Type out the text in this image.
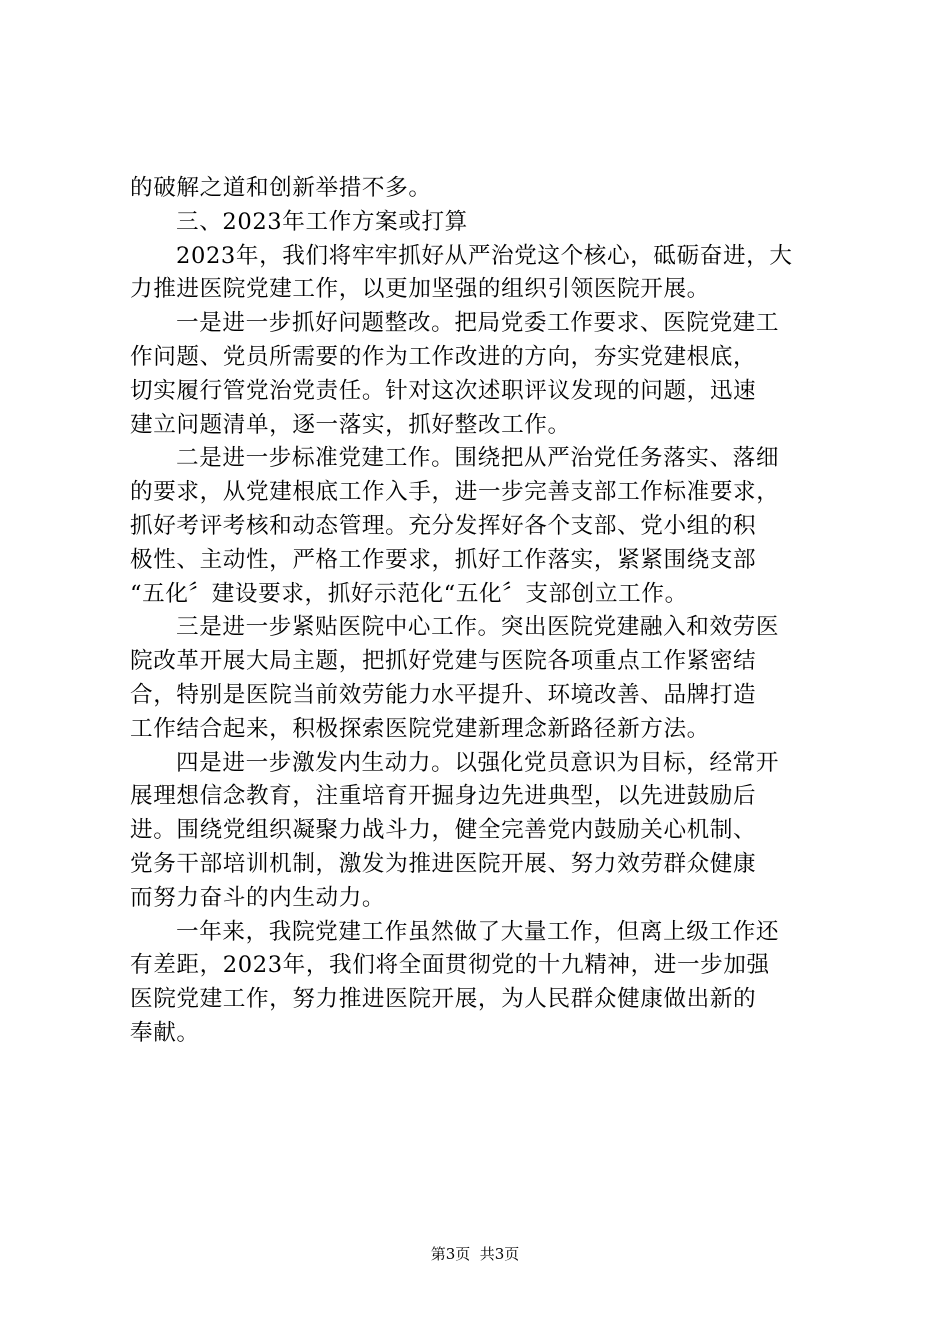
的破解之道和创新举措不多。
三、2023年工作方案或打算
2023年，我们将牢牢抓好从严治党这个核心，砥砺奋进，大
力推进医院党建工作，以更加坚强的组织引领医院开展。
一是进一步抓好问题整改。把局党委工作要求、医院党建工
作问题、党员所需要的作为工作改进的方向，夯实党建根底，
切实履行管党治党责任。针对这次述职评议发现的问题，迅速
建立问题清单，逐一落实，抓好整改工作。
二是进一步标准党建工作。围绕把从严治党任务落实、落细
的要求，从党建根底工作入手，进一步完善支部工作标准要求，
抓好考评考核和动态管理。充分发挥好各个支部、党小组的积
极性、主动性，严格工作要求，抓好工作落实，紧紧围绕支部
“五化〞建设要求，抓好示范化“五化〞支部创立工作。
三是进一步紧贴医院中心工作。突出医院党建融入和效劳医
院改革开展大局主题，把抓好党建与医院各项重点工作紧密结
合，特别是医院当前效劳能力水平提升、环境改善、品牌打造
工作结合起来，积极探索医院党建新理念新路径新方法。
四是进一步激发内生动力。以强化党员意识为目标，经常开
展理想信念教育，注重培育开掘身边先进典型，以先进鼓励后
进。围绕党组织凝聚力战斗力，健全完善党内鼓励关心机制、
党务干部培训机制，激发为推进医院开展、努力效劳群众健康
而努力奋斗的内生动力。
一年来，我院党建工作虽然做了大量工作，但离上级工作还
有差距，2023年，我们将全面贯彻党的十九精神，进一步加强
医院党建工作，努力推进医院开展，为人民群众健康做出新的
奉献。
第3页  共3页
